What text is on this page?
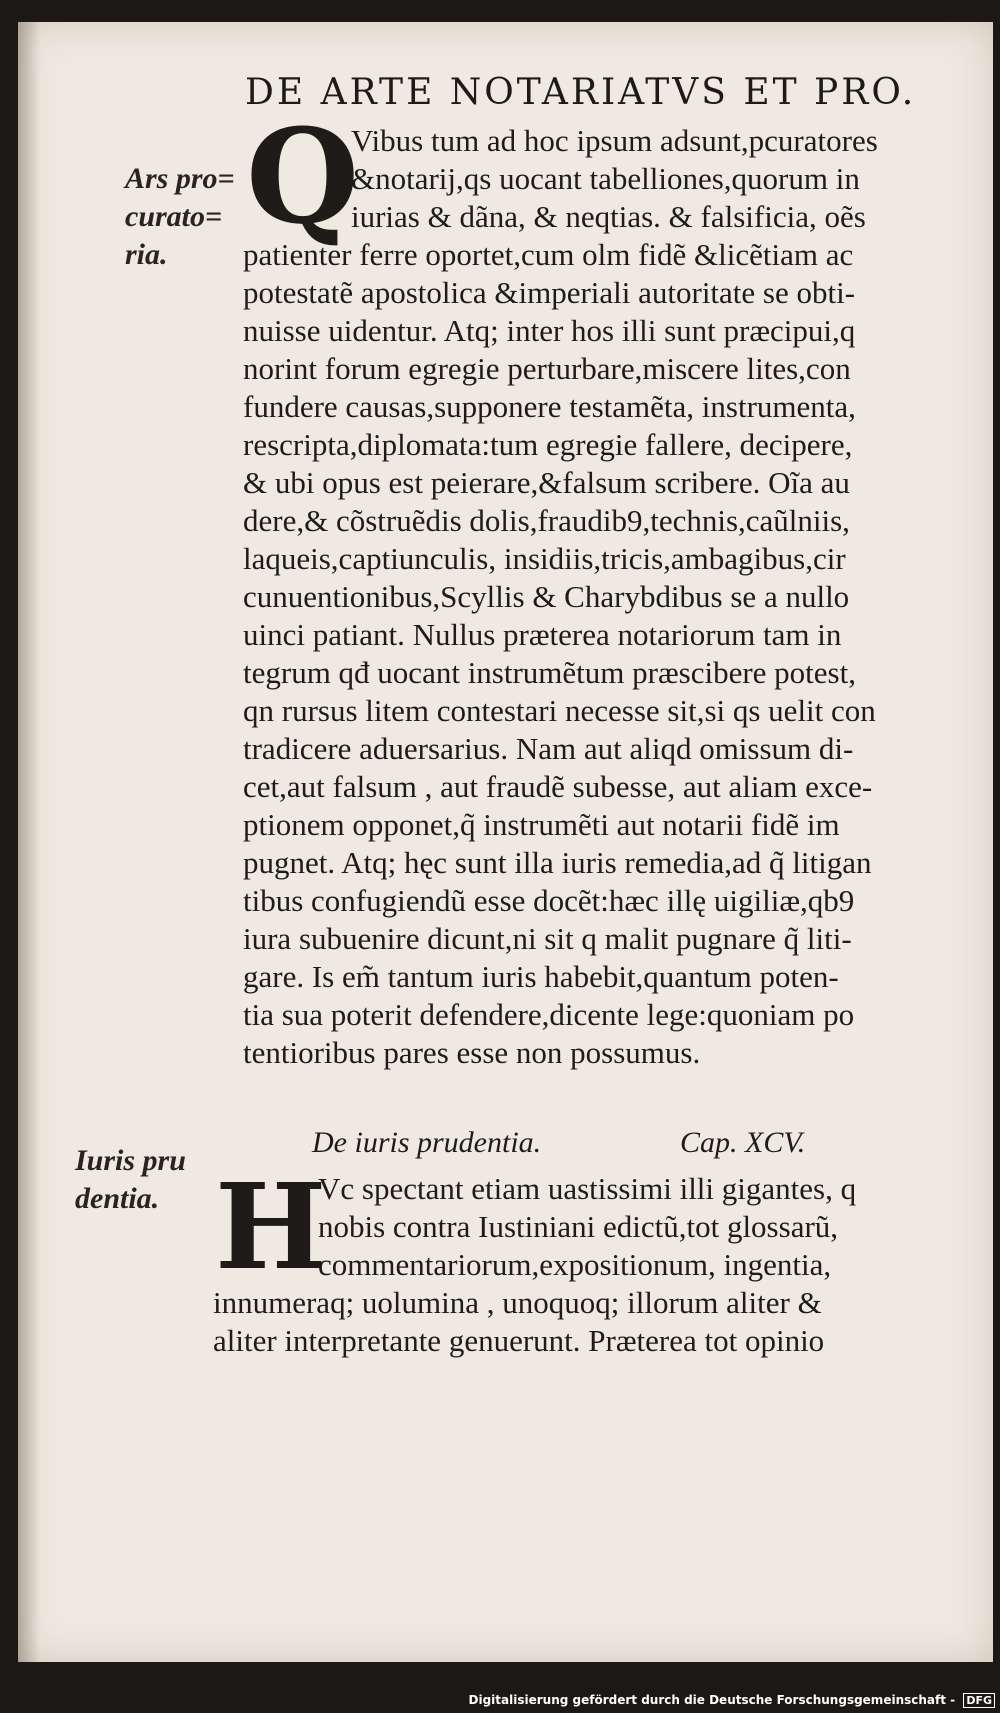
DE ARTE NOTARIATVS ET PRO.
Q
Ars pro=
curato=
ria.
Vibus tum ad hoc ipsum adsunt,pcuratores
&notarij,qs uocant tabelliones,quorum in
iurias & dãna, & neqtias. & falsificia, oẽs
patienter ferre oportet,cum olm fidẽ &licẽtiam ac
potestatẽ apostolica &imperiali autoritate se obti-
nuisse uidentur. Atq; inter hos illi sunt præcipui,q
norint forum egregie perturbare,miscere lites,con
fundere causas,supponere testamẽta, instrumenta,
rescripta,diplomata:tum egregie fallere, decipere,
& ubi opus est peierare,&falsum scribere. Oĩa au
dere,& cõstruẽdis dolis,fraudib9,technis,caũlniis,
laqueis,captiunculis, insidiis,tricis,ambagibus,cir
cunuentionibus,Scyllis & Charybdibus se a nullo
uinci patiant. Nullus præterea notariorum tam in
tegrum qđ uocant instrumẽtum præscibere potest,
qn rursus litem contestari necesse sit,si qs uelit con
tradicere aduersarius. Nam aut aliqd omissum di-
cet,aut falsum , aut fraudẽ subesse, aut aliam exce-
ptionem opponet,q̃ instrumẽti aut notarii fidẽ im
pugnet. Atq; hęc sunt illa iuris remedia,ad q̃ litigan
tibus confugiendũ esse docẽt:hæc illę uigiliæ,qb9
iura subuenire dicunt,ni sit q malit pugnare q̃ liti-
gare. Is em̃ tantum iuris habebit,quantum poten-
tia sua poterit defendere,dicente lege:quoniam po
tentioribus pares esse non possumus.
De iuris prudentia.	Cap. XCV.
Iuris pru
dentia. H
Vc spectant etiam uastissimi illi gigantes, q
nobis contra Iustiniani edictũ,tot glossarũ,
commentariorum,expositionum, ingentia,
innumeraq; uolumina , unoquoq; illorum aliter &
aliter interpretante genuerunt. Præterea tot opinio
Digitalisierung gefördert durch die Deutsche Forschungsgemeinschaft - DFG
